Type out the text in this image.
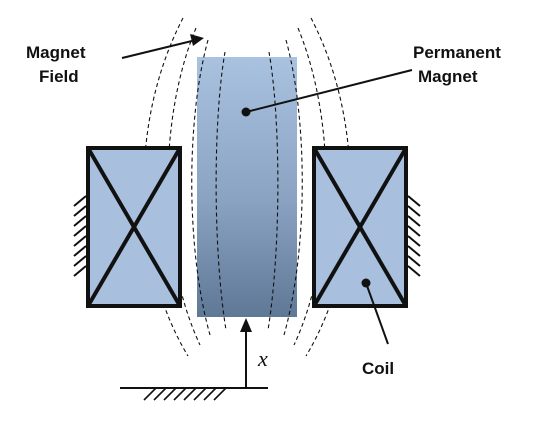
x
Magnet
Field
Permanent
Magnet
Coil
